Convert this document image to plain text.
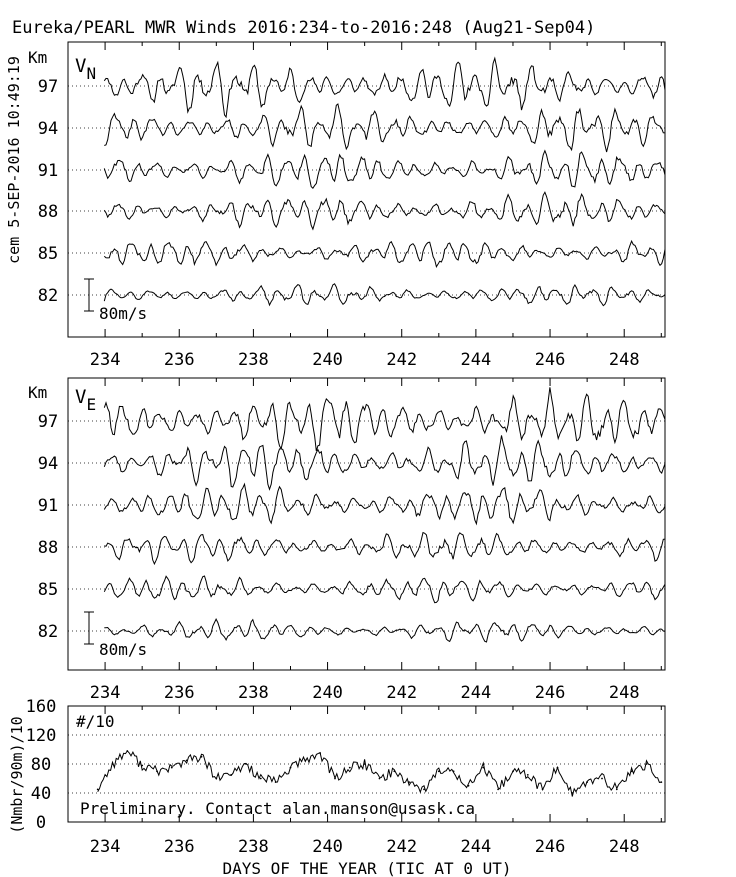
Eureka/PEARL MWR Winds 2016:234-to-2016:248 (Aug21-Sep04)
cem 5-SEP-2016 10:49:19 97
94
91
88
85
82
234	236	238	240	242	244	246	248
97
94
91
88
85
82
234	236	238	240	242	244	246	248
160
120
80
40
0
234	236	238	240	242	244	246	248
Km $V_N$
80m/s
Km $V_E$
80m/s
#/10
(Nmbr/90m)/10	Preliminary. Contact alan.manson@usask.ca
DAYS OF THE YEAR (TIC AT 0 UT)
